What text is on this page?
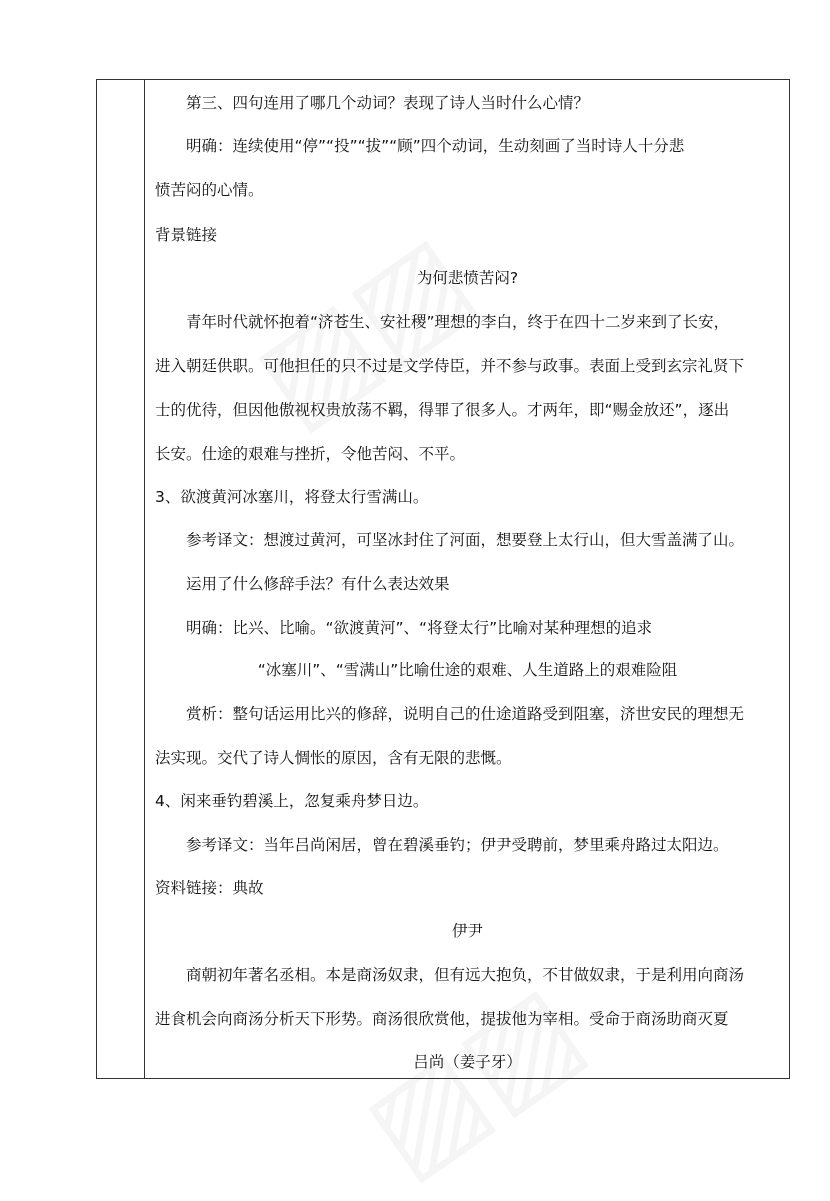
第三、四句连用了哪几个动词？表现了诗人当时什么心情？
明确：连续使用“停”“投”“拔”“顾”四个动词，生动刻画了当时诗人十分悲
愤苦闷的心情。
背景链接
为何悲愤苦闷?
青年时代就怀抱着“济苍生、安社稷”理想的李白，终于在四十二岁来到了长安，
进入朝廷供职。可他担任的只不过是文学侍臣，并不参与政事。表面上受到玄宗礼贤下
士的优待，但因他傲视权贵放荡不羁，得罪了很多人。才两年，即“赐金放还”，逐出
长安。仕途的艰难与挫折，令他苦闷、不平。
3、欲渡黄河冰塞川，将登太行雪满山。
参考译文：想渡过黄河，可坚冰封住了河面，想要登上太行山，但大雪盖满了山。
运用了什么修辞手法？有什么表达效果
明确：比兴、比喻。“欲渡黄河”、“将登太行”比喻对某种理想的追求
“冰塞川”、“雪满山”比喻仕途的艰难、人生道路上的艰难险阻
赏析：整句话运用比兴的修辞，说明自己的仕途道路受到阻塞，济世安民的理想无
法实现。交代了诗人惆怅的原因，含有无限的悲慨。
4、闲来垂钓碧溪上，忽复乘舟梦日边。
参考译文：当年吕尚闲居，曾在碧溪垂钓；伊尹受聘前，梦里乘舟路过太阳边。
资料链接：典故
伊尹
商朝初年著名丞相。本是商汤奴隶，但有远大抱负，不甘做奴隶，于是利用向商汤
进食机会向商汤分析天下形势。商汤很欣赏他，提拔他为宰相。受命于商汤助商灭夏
吕尚（姜子牙）
